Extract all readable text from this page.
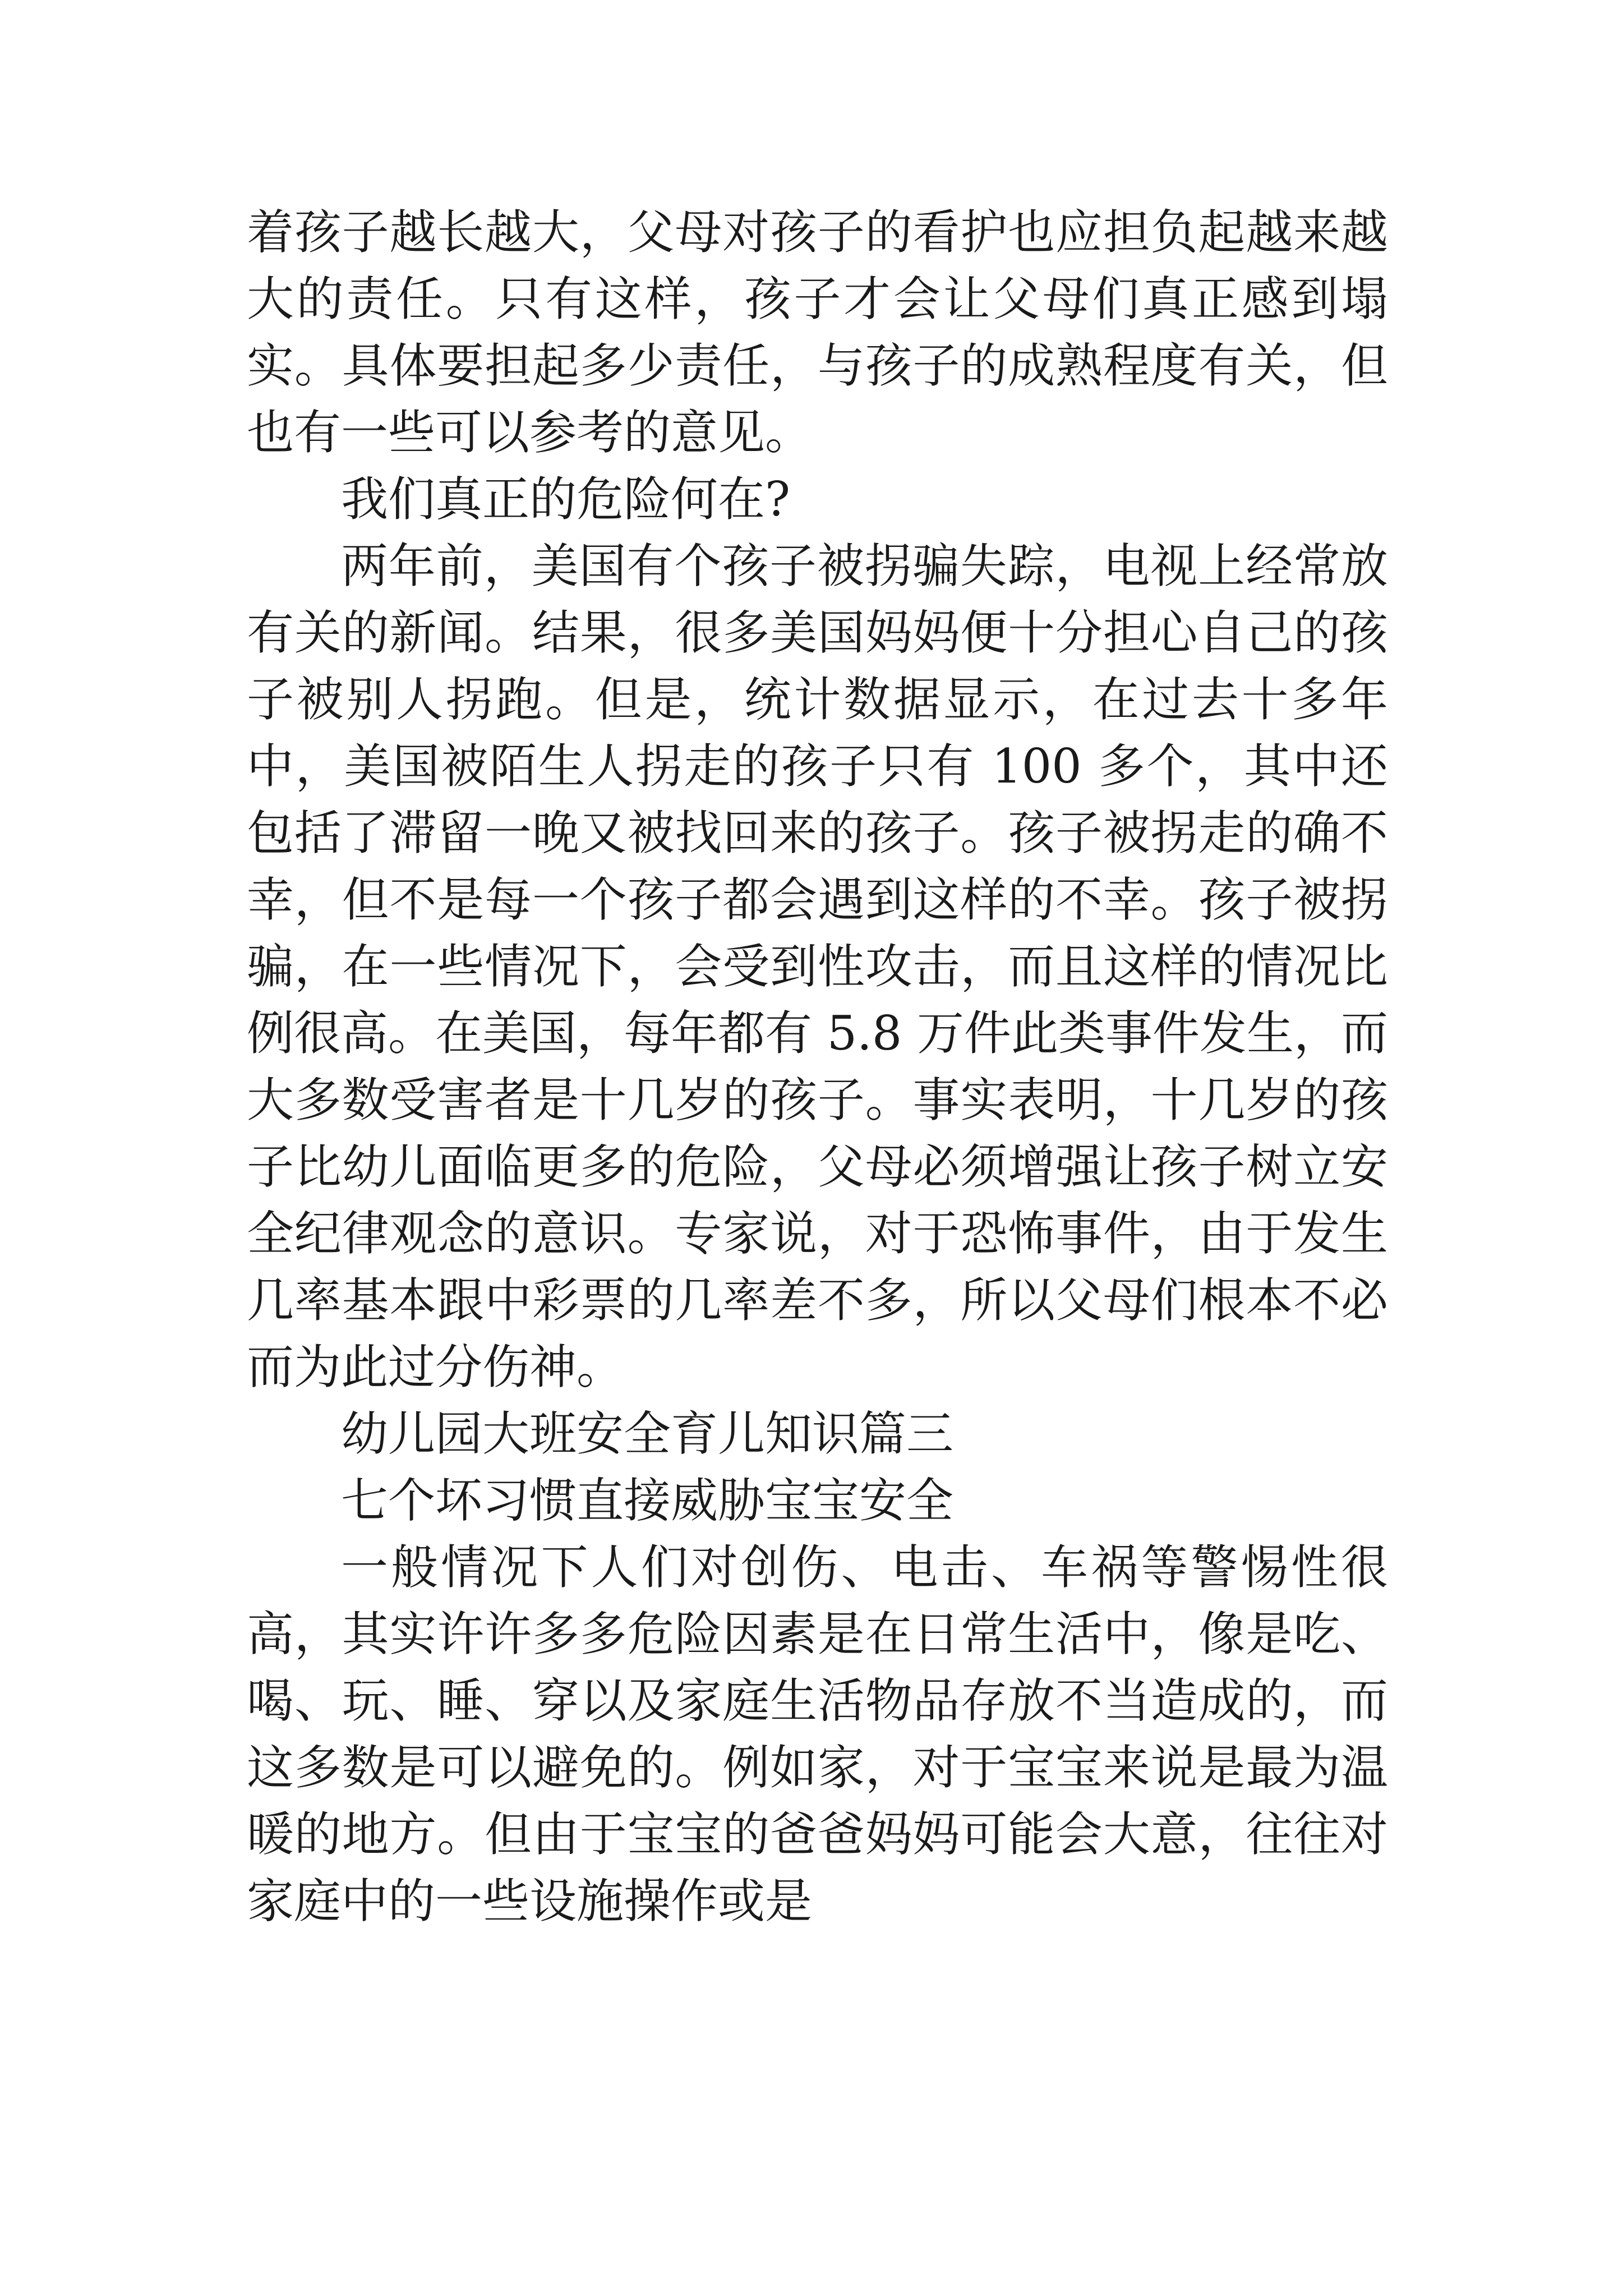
着孩子越长越大，父母对孩子的看护也应担负起越来越大的责任。只有这样，孩子才会让父母们真正感到塌实。具体要担起多少责任，与孩子的成熟程度有关，但也有一些可以参考的意见。

我们真正的危险何在?

两年前，美国有个孩子被拐骗失踪，电视上经常放有关的新闻。结果，很多美国妈妈便十分担心自己的孩子被别人拐跑。但是，统计数据显示，在过去十多年中，美国被陌生人拐走的孩子只有 100 多个，其中还包括了滞留一晚又被找回来的孩子。孩子被拐走的确不幸，但不是每一个孩子都会遇到这样的不幸。孩子被拐骗，在一些情况下，会受到性攻击，而且这样的情况比例很高。在美国，每年都有 5.8 万件此类事件发生，而大多数受害者是十几岁的孩子。事实表明，十几岁的孩子比幼儿面临更多的危险，父母必须增强让孩子树立安全纪律观念的意识。专家说，对于恐怖事件，由于发生几率基本跟中彩票的几率差不多，所以父母们根本不必而为此过分伤神。

幼儿园大班安全育儿知识篇三

七个坏习惯直接威胁宝宝安全

一般情况下人们对创伤、电击、车祸等警惕性很高，其实许许多多危险因素是在日常生活中，像是吃、喝、玩、睡、穿以及家庭生活物品存放不当造成的，而这多数是可以避免的。例如家，对于宝宝来说是最为温暖的地方。但由于宝宝的爸爸妈妈可能会大意，往往对家庭中的一些设施操作或是
